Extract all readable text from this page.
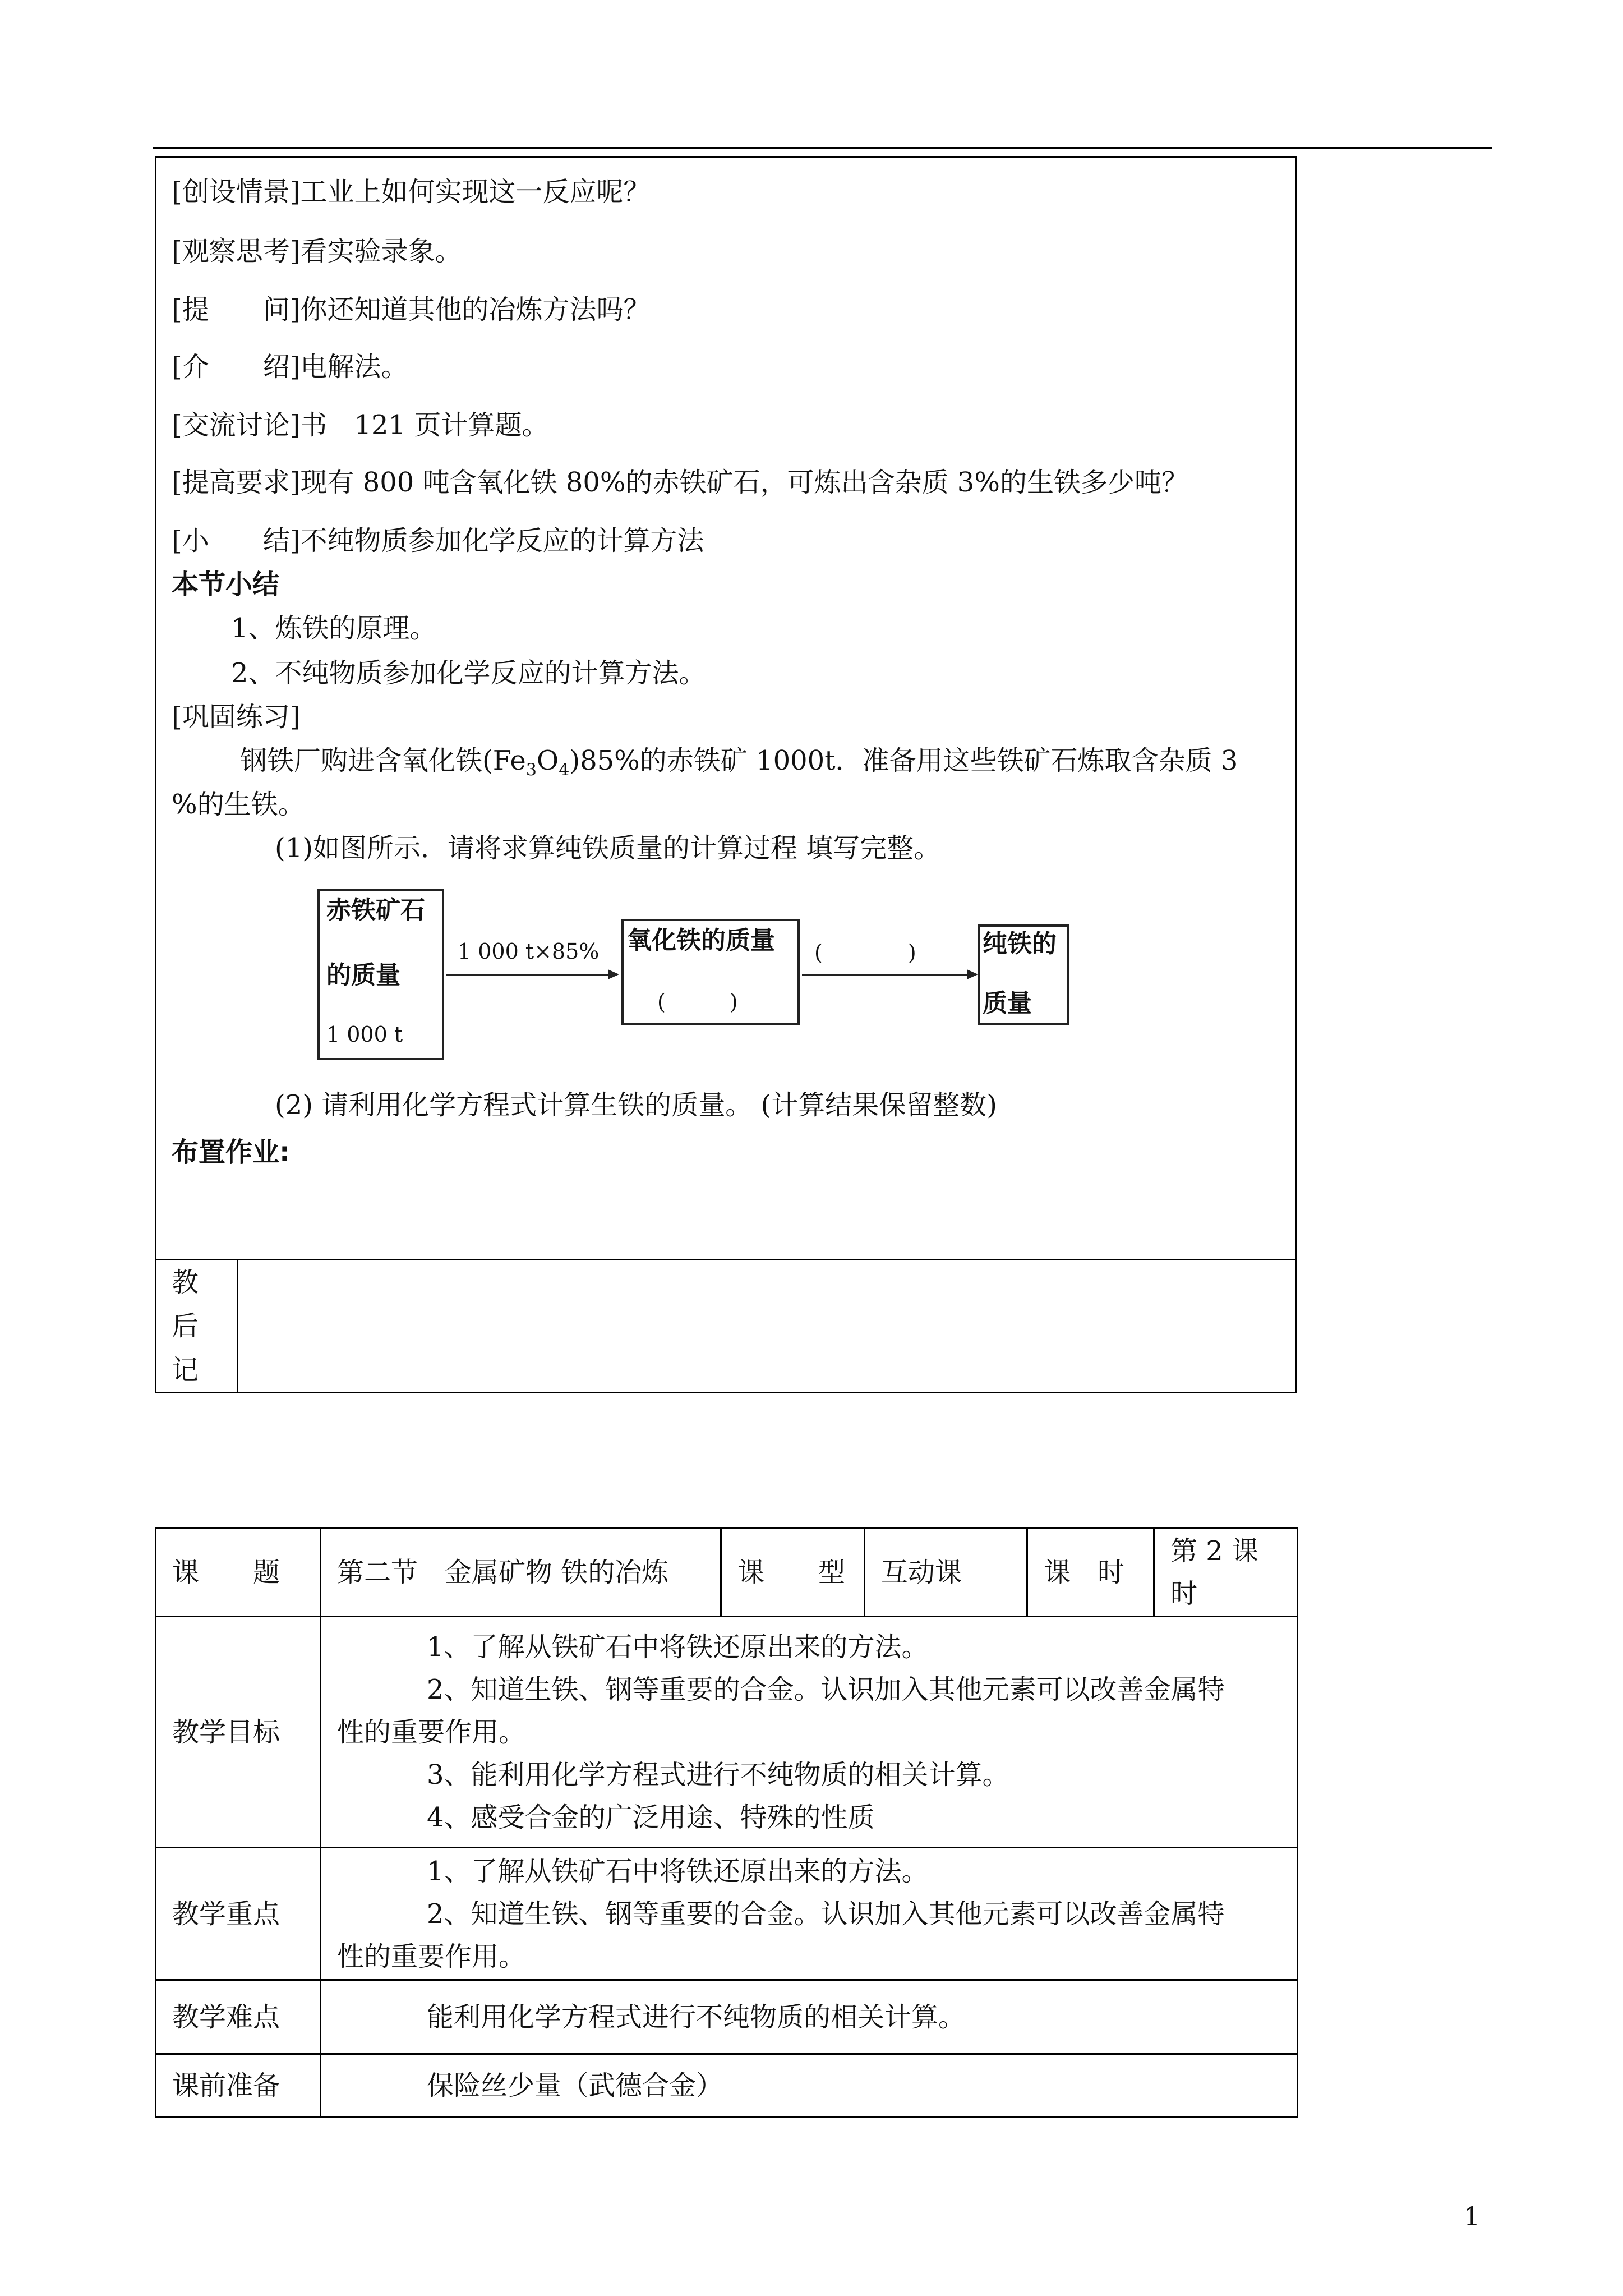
[创设情景]工业上如何实现这一反应呢？
[观察思考]看实验录象。
[提　　问]你还知道其他的冶炼方法吗？
[介　　绍]电解法。
[交流讨论]书　121 页计算题。
[提高要求]现有 800 吨含氧化铁 80%的赤铁矿石，可炼出含杂质 3%的生铁多少吨？
[小　　结]不纯物质参加化学反应的计算方法
本节小结
1、炼铁的原理。
2、不纯物质参加化学反应的计算方法。
[巩固练习]
钢铁厂购进含氧化铁$(Fe_3O_4)85\%$的赤铁矿 1000t．准备用这些铁矿石炼取含杂质 3
%的生铁。
(1)如图所示．请将求算纯铁质量的计算过程 填写完整。
赤铁矿石
的质量
1 000 t
1 000 t×85% 氧化铁的质量
(　　　)
(　　　　)	纯铁的
质量
(2) 请利用化学方程式计算生铁的质量。 (计算结果保留整数)
布置作业:
教
后
记
课　　题	第二节　金属矿物 铁的冶炼	课　　型	互动课	课　时	第 2 课时
教学目标	1、了解从铁矿石中将铁还原出来的方法。
2、知道生铁、钢等重要的合金。认识加入其他元素可以改善金属特
性的重要作用。
3、能利用化学方程式进行不纯物质的相关计算。
4、感受合金的广泛用途、特殊的性质				

教学重点	1、了解从铁矿石中将铁还原出来的方法。
2、知道生铁、钢等重要的合金。认识加入其他元素可以改善金属特
性的重要作用。				

教学难点	能利用化学方程式进行不纯物质的相关计算。				

课前准备	保险丝少量（武德合金）				
1
